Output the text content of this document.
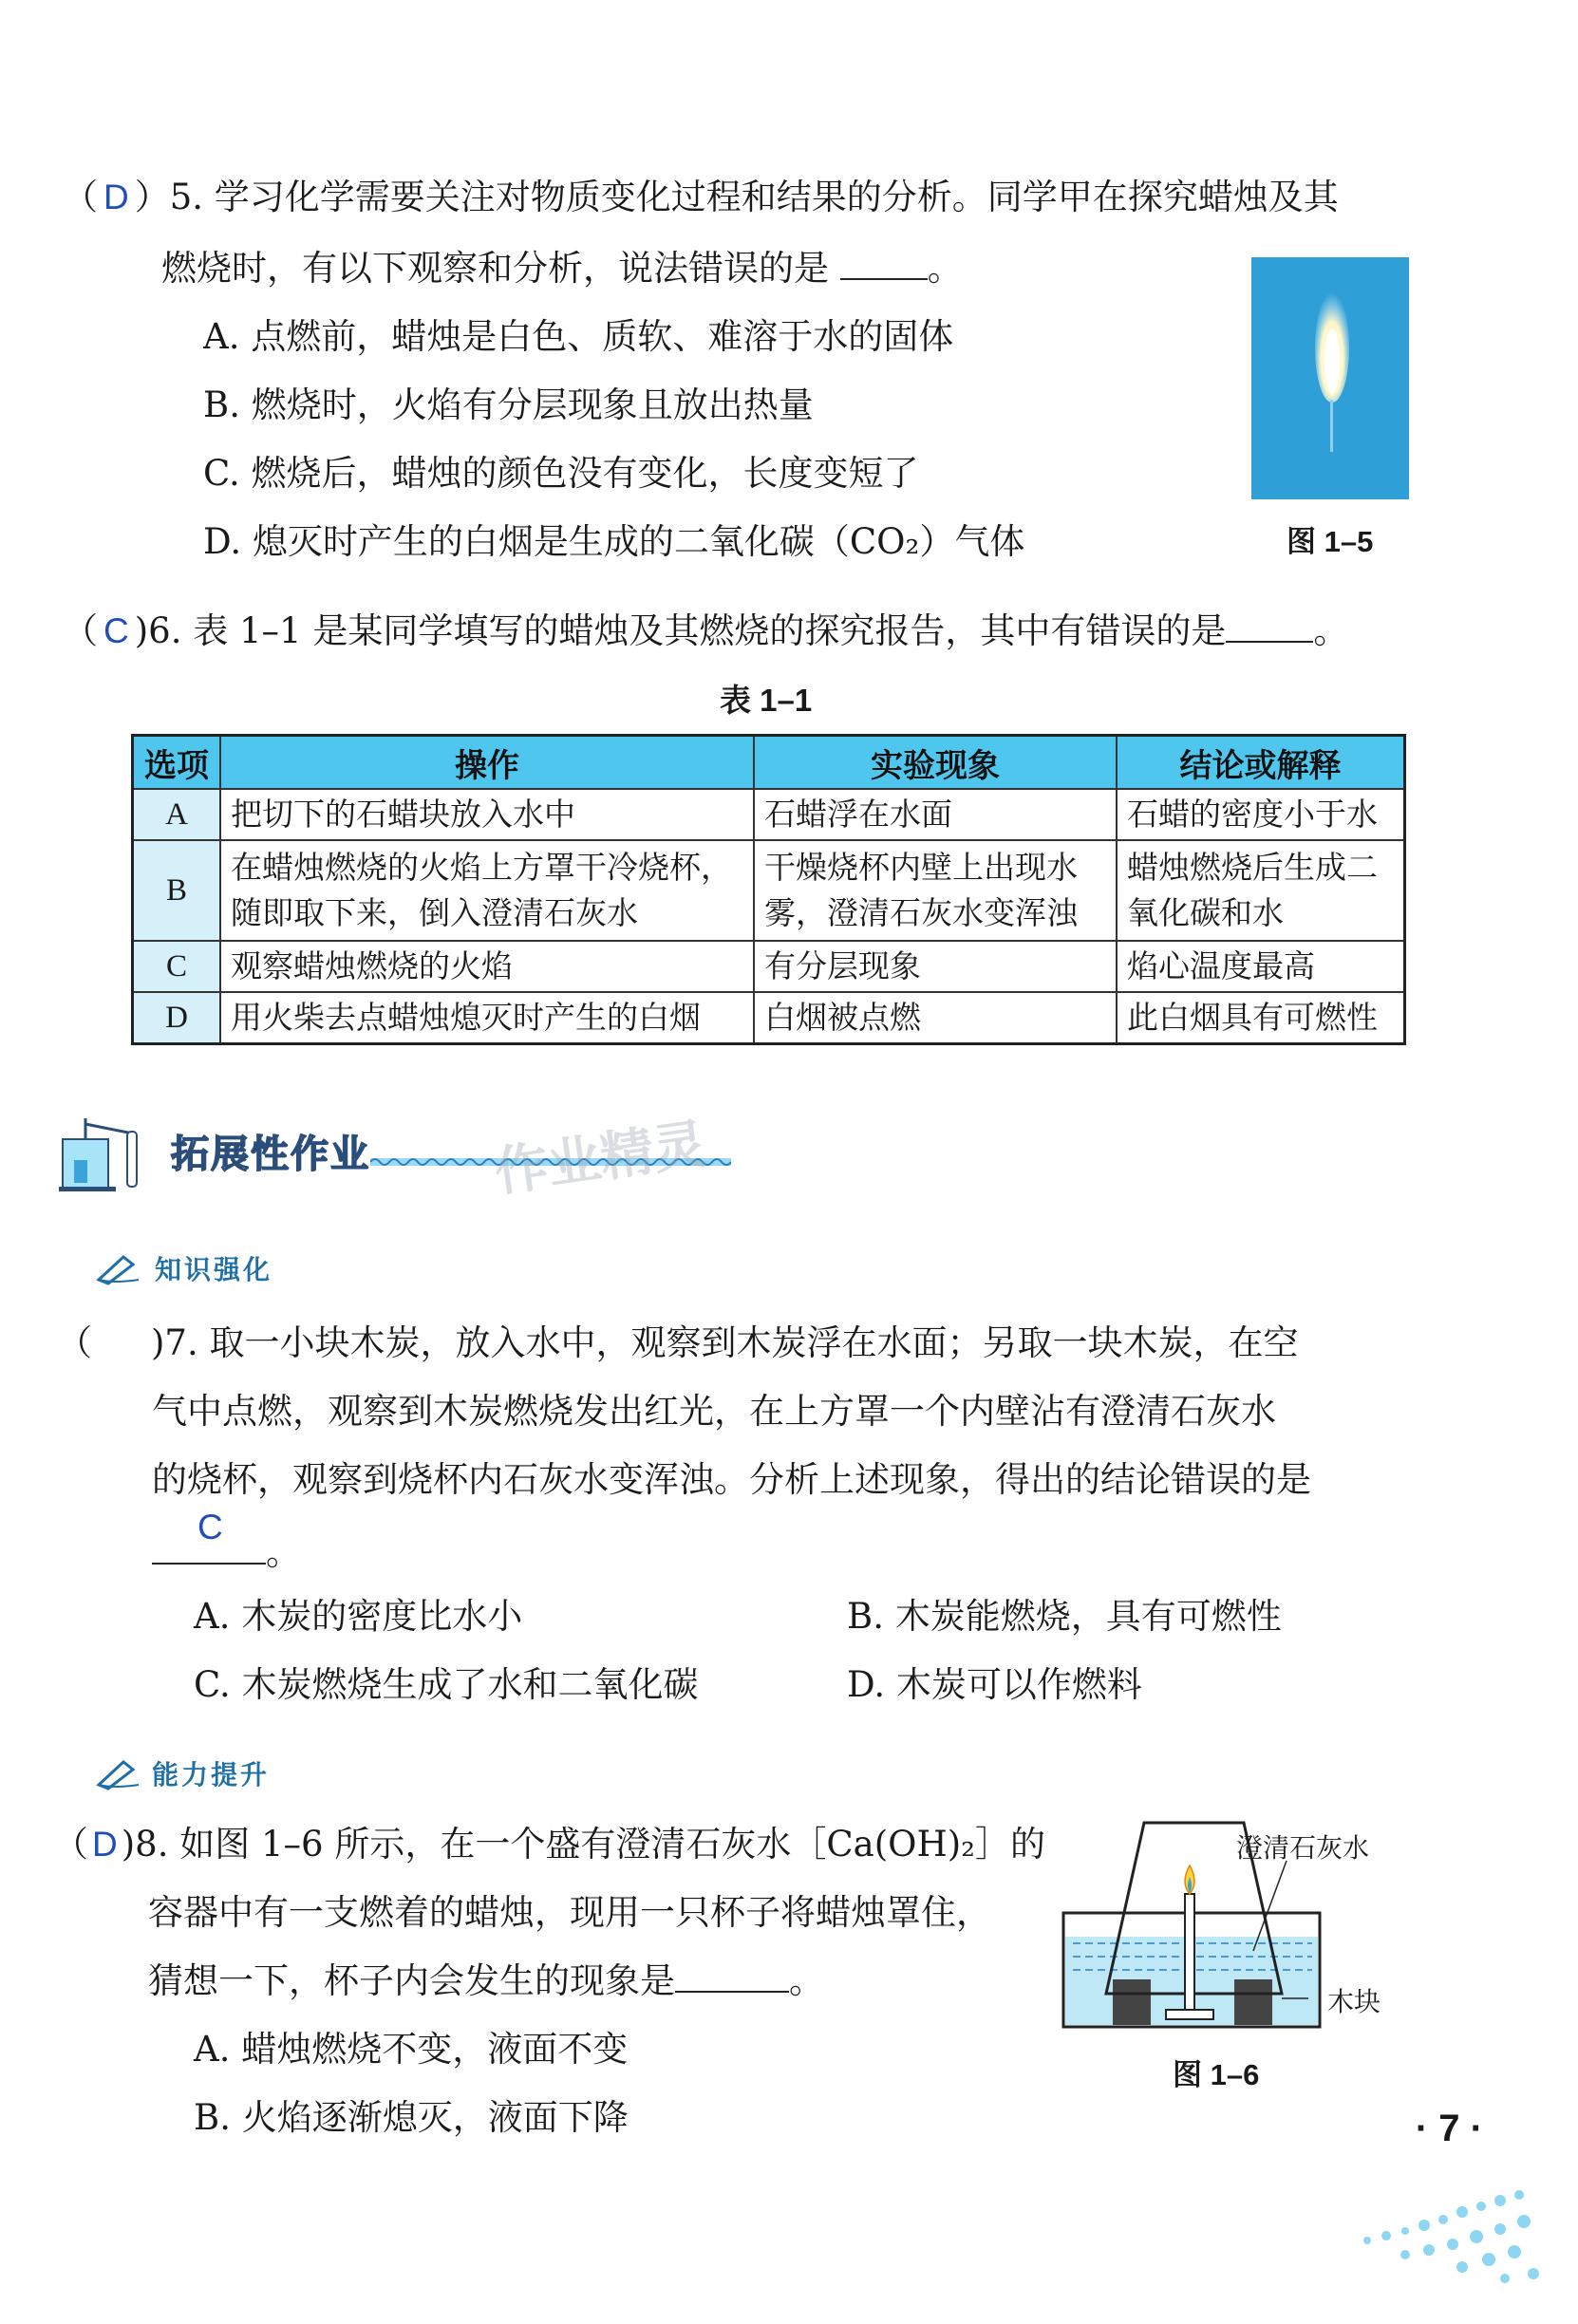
（ D ）5. 学习化学需要关注对物质变化过程和结果的分析。同学甲在探究蜡烛及其
燃烧时，有以下观察和分析，说法错误的是	。
A. 点燃前，蜡烛是白色、质软、难溶于水的固体
B. 燃烧时，火焰有分层现象且放出热量
C. 燃烧后，蜡烛的颜色没有变化，长度变短了
D. 熄灭时产生的白烟是生成的二氧化碳（CO₂）气体	图 1–5
（ C )6. 表 1–1 是某同学填写的蜡烛及其燃烧的探究报告，其中有错误的是 。
表 1–1
选项	操作	实验现象	结论或解释
A	把切下的石蜡块放入水中	石蜡浮在水面	石蜡的密度小于水
B	在蜡烛燃烧的火焰上方罩干冷烧杯，随即取下来，倒入澄清石灰水	干燥烧杯内壁上出现水雾，澄清石灰水变浑浊	蜡烛燃烧后生成二氧化碳和水
C	观察蜡烛燃烧的火焰	有分层现象	焰心温度最高
D	用火柴去点蜡烛熄灭时产生的白烟	白烟被点燃	此白烟具有可燃性
拓展性作业 作业精灵
知识强化
（ )7. 取一小块木炭，放入水中，观察到木炭浮在水面；另取一块木炭，在空
气中点燃，观察到木炭燃烧发出红光，在上方罩一个内壁沾有澄清石灰水
的烧杯，观察到烧杯内石灰水变浑浊。分析上述现象，得出的结论错误的是
C
。
A. 木炭的密度比水小	B. 木炭能燃烧，具有可燃性
C. 木炭燃烧生成了水和二氧化碳	D. 木炭可以作燃料
能力提升
（ D )8. 如图 1–6 所示，在一个盛有澄清石灰水［Ca(OH)₂］的
容器中有一支燃着的蜡烛，现用一只杯子将蜡烛罩住，
猜想一下，杯子内会发生的现象是	。
A. 蜡烛燃烧不变，液面不变
B. 火焰逐渐熄灭，液面下降
澄清石灰水
木块
图 1–6
· 7 ·
